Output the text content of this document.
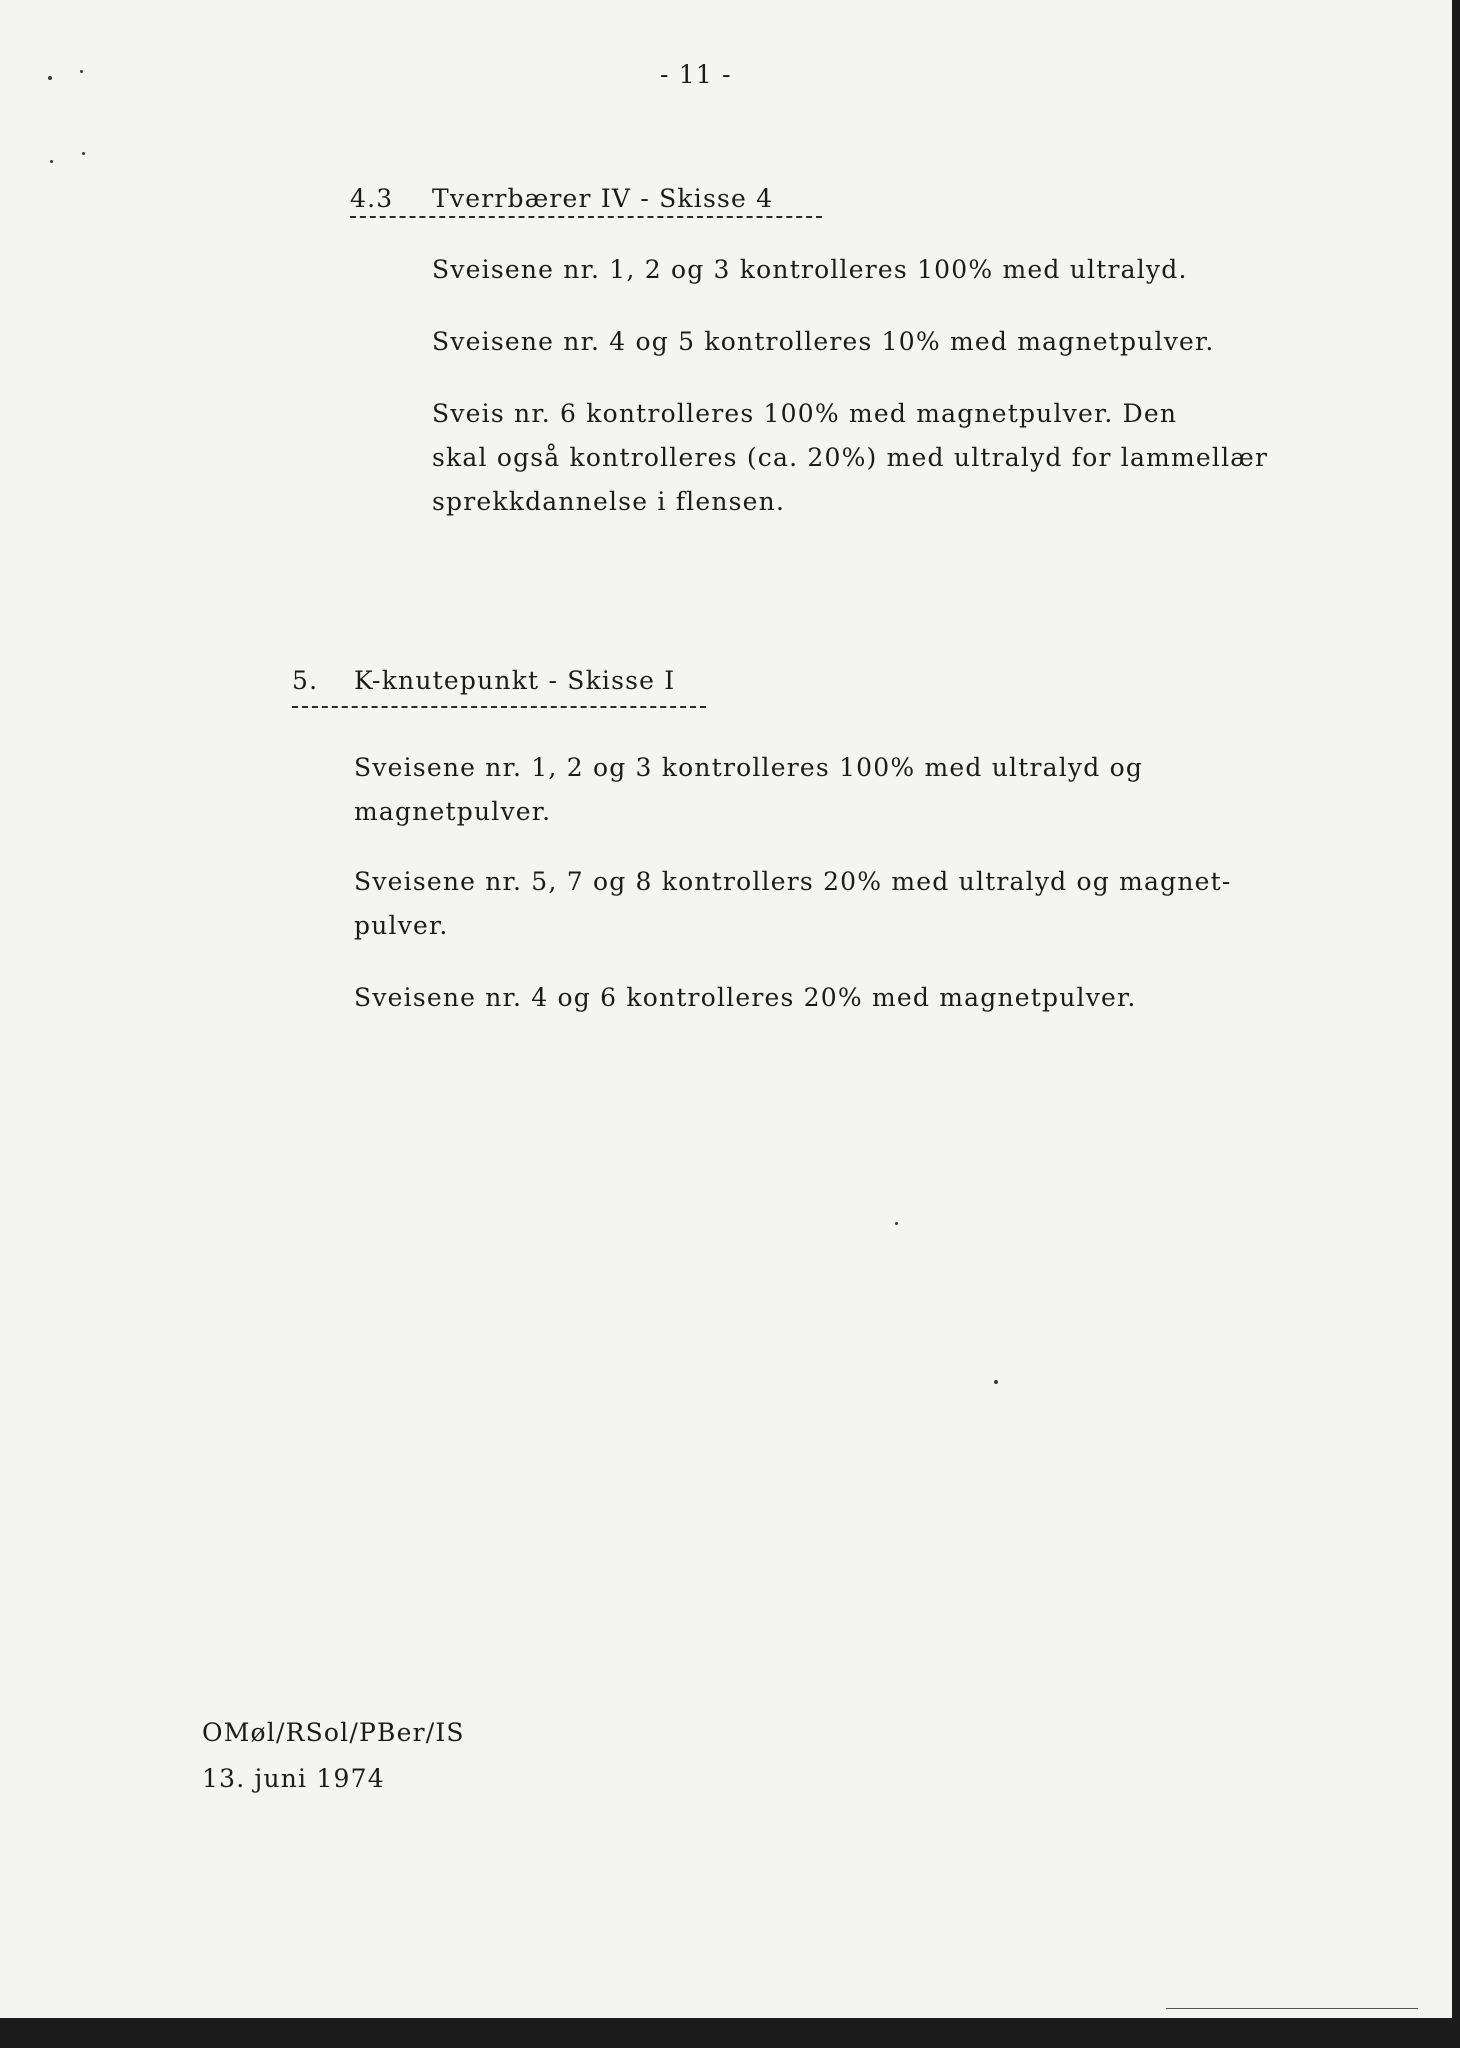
- 11 -
4.3 Tverrbærer IV - Skisse 4
Sveisene nr. 1, 2 og 3 kontrolleres 100% med ultralyd.
Sveisene nr. 4 og 5 kontrolleres 10% med magnetpulver.
Sveis nr. 6 kontrolleres 100% med magnetpulver. Den
skal også kontrolleres (ca. 20%) med ultralyd for lammellær
sprekkdannelse i flensen.
5. K-knutepunkt - Skisse I
Sveisene nr. 1, 2 og 3 kontrolleres 100% med ultralyd og
magnetpulver.
Sveisene nr. 5, 7 og 8 kontrollers 20% med ultralyd og magnet-
pulver.
Sveisene nr. 4 og 6 kontrolleres 20% med magnetpulver.
OMøl/RSol/PBer/IS
13. juni 1974
